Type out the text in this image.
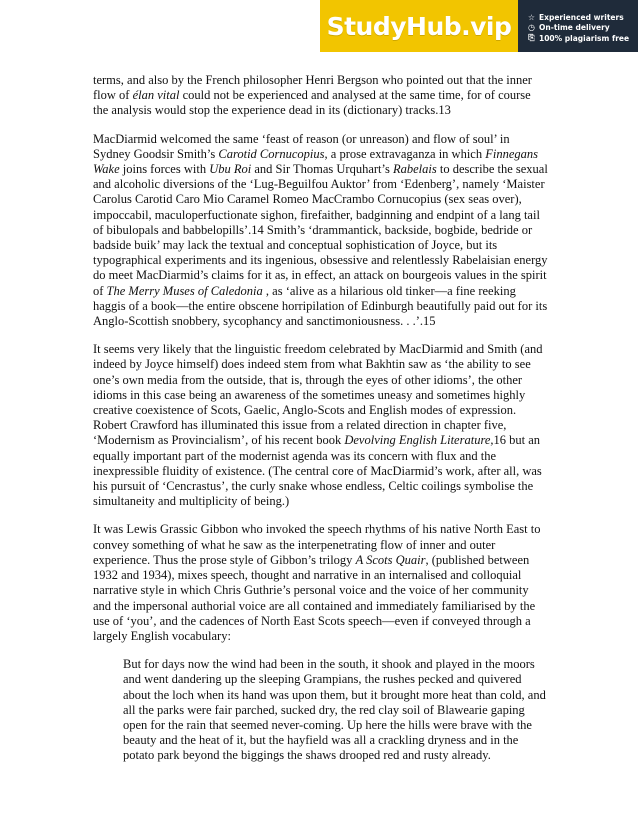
StudyHub.vip	☆ Experienced writers
◷ On-time delivery
⎘ 100% plagiarism free

terms, and also by the French philosopher Henri Bergson who pointed out that the inner flow of élan vital could not be experienced and analysed at the same time, for of course the analysis would stop the experience dead in its (dictionary) tracks.13

MacDiarmid welcomed the same ‘feast of reason (or unreason) and flow of soul’ in Sydney Goodsir Smith’s Carotid Cornucopius, a prose extravaganza in which Finnegans Wake joins forces with Ubu Roi and Sir Thomas Urquhart’s Rabelais to describe the sexual and alcoholic diversions of the ‘Lug-Beguilfou Auktor’ from ‘Edenberg’, namely ‘Maister Carolus Carotid Caro Mio Caramel Romeo MacCrambo Cornucopius (sex seas over), impoccabil, maculoperfuctionate sighon, firefaither, badginning and endpint of a lang tail of bibulopals and babbelopills’.14 Smith’s ‘drammantick, backside, bogbide, bedride or badside buik’ may lack the textual and conceptual sophistication of Joyce, but its typographical experiments and its ingenious, obsessive and relentlessly Rabelaisian energy do meet MacDiarmid’s claims for it as, in effect, an attack on bourgeois values in the spirit of The Merry Muses of Caledonia , as ‘alive as a hilarious old tinker—a fine reeking haggis of a book—the entire obscene horripilation of Edinburgh beautifully paid out for its Anglo-Scottish snobbery, sycophancy and sanctimoniousness. . .’.15

It seems very likely that the linguistic freedom celebrated by MacDiarmid and Smith (and indeed by Joyce himself) does indeed stem from what Bakhtin saw as ‘the ability to see one’s own media from the outside, that is, through the eyes of other idioms’, the other idioms in this case being an awareness of the sometimes uneasy and sometimes highly creative coexistence of Scots, Gaelic, Anglo-Scots and English modes of expression. Robert Crawford has illuminated this issue from a related direction in chapter five, ‘Modernism as Provincialism’, of his recent book Devolving English Literature,16 but an equally important part of the modernist agenda was its concern with flux and the inexpressible fluidity of existence. (The central core of MacDiarmid’s work, after all, was his pursuit of ‘Cencrastus’, the curly snake whose endless, Celtic coilings symbolise the simultaneity and multiplicity of being.)

It was Lewis Grassic Gibbon who invoked the speech rhythms of his native North East to convey something of what he saw as the interpenetrating flow of inner and outer experience. Thus the prose style of Gibbon’s trilogy A Scots Quair, (published between 1932 and 1934), mixes speech, thought and narrative in an internalised and colloquial narrative style in which Chris Guthrie’s personal voice and the voice of her community and the impersonal authorial voice are all contained and immediately familiarised by the use of ‘you’, and the cadences of North East Scots speech—even if conveyed through a largely English vocabulary:

But for days now the wind had been in the south, it shook and played in the moors and went dandering up the sleeping Grampians, the rushes pecked and quivered about the loch when its hand was upon them, but it brought more heat than cold, and all the parks were fair parched, sucked dry, the red clay soil of Blawearie gaping open for the rain that seemed never-coming. Up here the hills were brave with the beauty and the heat of it, but the hayfield was all a crackling dryness and in the potato park beyond the biggings the shaws drooped red and rusty already.
